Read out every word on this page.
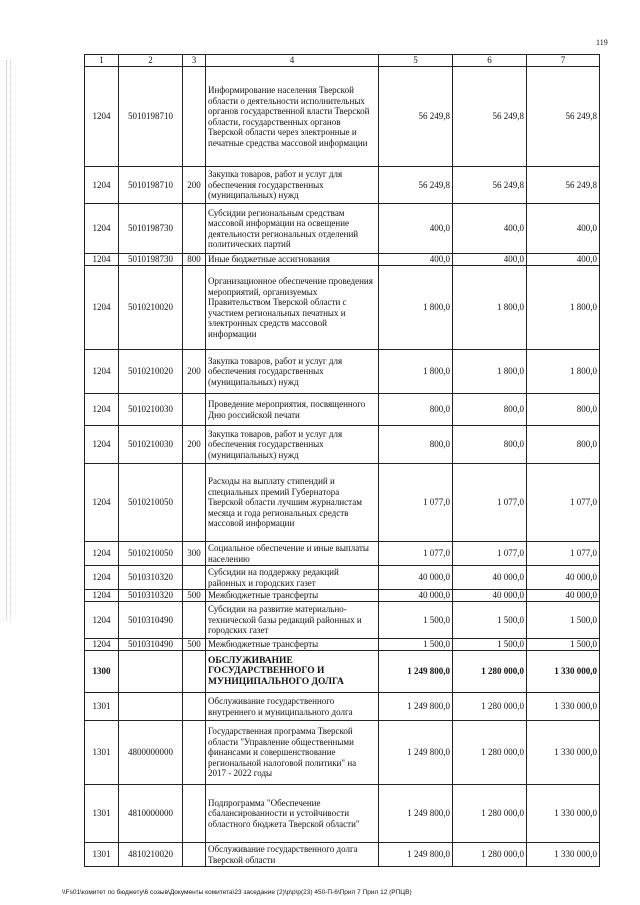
119
1	2	3	4	5	6	7
1204	5010198710		Информирование населения Тверской области о деятельности исполнительных органов государственной власти Тверской области, государственных органов Тверской области через электронные и печатные средства массовой информации	56 249,8	56 249,8	56 249,8
1204	5010198710	200	Закупка товаров, работ и услуг для обеспечения государственных (муниципальных) нужд	56 249,8	56 249,8	56 249,8
1204	5010198730		Субсидии региональным средствам массовой информации на освещение деятельности региональных отделений политических партий	400,0	400,0	400,0
1204	5010198730	800	Иные бюджетные ассигнования	400,0	400,0	400,0
1204	5010210020		Организационное обеспечение проведения мероприятий, организуемых Правительством Тверской области с участием региональных печатных и электронных средств массовой информации	1 800,0	1 800,0	1 800,0
1204	5010210020	200	Закупка товаров, работ и услуг для обеспечения государственных (муниципальных) нужд	1 800,0	1 800,0	1 800,0
1204	5010210030		Проведение мероприятия, посвященного Дню российской печати	800,0	800,0	800,0
1204	5010210030	200	Закупка товаров, работ и услуг для обеспечения государственных (муниципальных) нужд	800,0	800,0	800,0
1204	5010210050		Расходы на выплату стипендий и специальных премий Губернатора Тверской области лучшим журналистам месяца и года региональных средств массовой информации	1 077,0	1 077,0	1 077,0
1204	5010210050	300	Социальное обеспечение и иные выплаты населению	1 077,0	1 077,0	1 077,0
1204	5010310320		Субсидии на поддержку редакций районных и городских газет	40 000,0	40 000,0	40 000,0
1204	5010310320	500	Межбюджетные трансферты	40 000,0	40 000,0	40 000,0
1204	5010310490		Субсидии на развитие материально-технической базы редакций районных и городских газет	1 500,0	1 500,0	1 500,0
1204	5010310490	500	Межбюджетные трансферты	1 500,0	1 500,0	1 500,0
1300			ОБСЛУЖИВАНИЕ ГОСУДАРСТВЕННОГО И МУНИЦИПАЛЬНОГО ДОЛГА	1 249 800,0	1 280 000,0	1 330 000,0
1301			Обслуживание государственного внутреннего и муниципального долга	1 249 800,0	1 280 000,0	1 330 000,0
1301	4800000000		Государственная программа Тверской области "Управление общественными финансами и совершенствование региональной налоговой политики" на 2017 - 2022 годы	1 249 800,0	1 280 000,0	1 330 000,0
1301	4810000000		Подпрограмма "Обеспечение сбалансированности и устойчивости областного бюджета Тверской области"	1 249 800,0	1 280 000,0	1 330 000,0
1301	4810210020		Обслуживание государственного долга Тверской области	1 249 800,0	1 280 000,0	1 330 000,0
\\Fs01\комитет по бюджету\6 созыв\Документы комитета\23 заседание (2)\р\р\р(23) 450-П-6\Прил 7 Прил 12 (РПЦВ)
